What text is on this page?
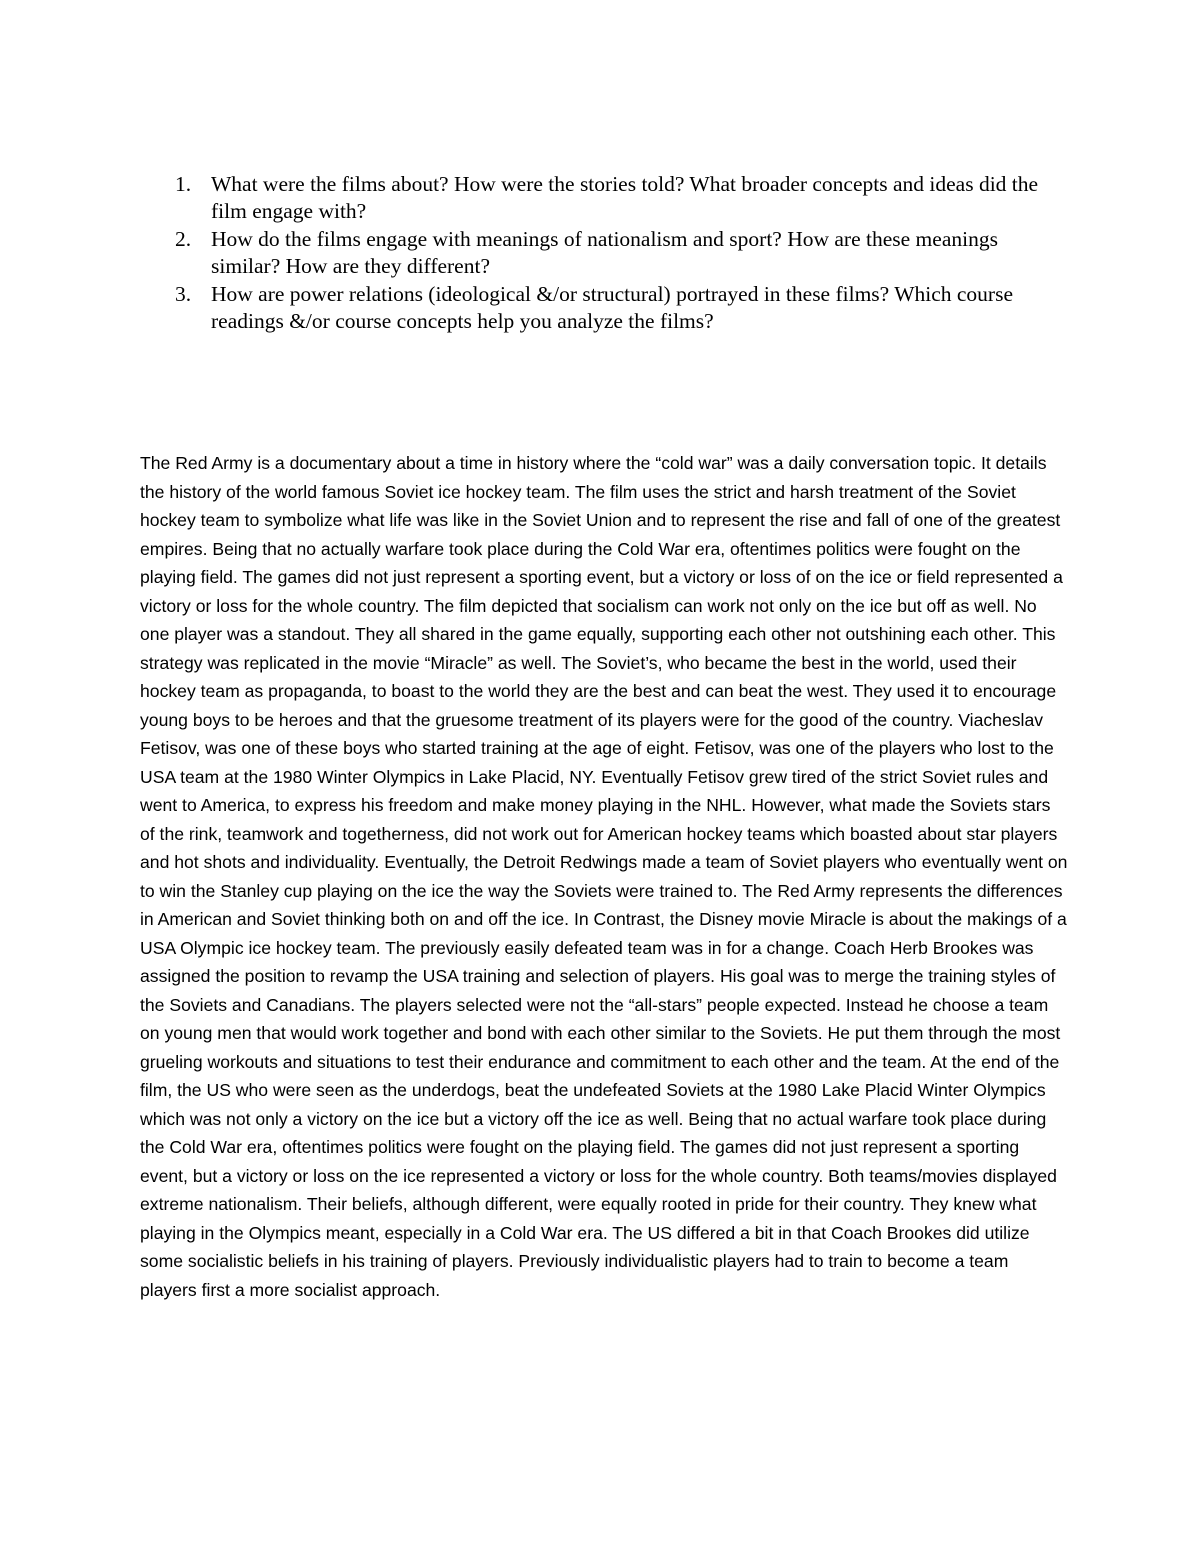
1. What were the films about? How were the stories told? What broader concepts and ideas did the film engage with?
2. How do the films engage with meanings of nationalism and sport? How are these meanings similar? How are they different?
3. How are power relations (ideological &/or structural) portrayed in these films? Which course readings &/or course concepts help you analyze the films?

The Red Army is a documentary about a time in history where the “cold war” was a daily conversation topic. It details the history of the world famous Soviet ice hockey team. The film uses the strict and harsh treatment of the Soviet hockey team to symbolize what life was like in the Soviet Union and to represent the rise and fall of one of the greatest empires. Being that no actually warfare took place during the Cold War era, oftentimes politics were fought on the playing field. The games did not just represent a sporting event, but a victory or loss of on the ice or field represented a victory or loss for the whole country. The film depicted that socialism can work not only on the ice but off as well. No one player was a standout. They all shared in the game equally, supporting each other not outshining each other. This strategy was replicated in the movie “Miracle” as well. The Soviet’s, who became the best in the world, used their hockey team as propaganda, to boast to the world they are the best and can beat the west. They used it to encourage young boys to be heroes and that the gruesome treatment of its players were for the good of the country. Viacheslav Fetisov, was one of these boys who started training at the age of eight. Fetisov, was one of the players who lost to the USA team at the 1980 Winter Olympics in Lake Placid, NY. Eventually Fetisov grew tired of the strict Soviet rules and went to America, to express his freedom and make money playing in the NHL. However, what made the Soviets stars of the rink, teamwork and togetherness, did not work out for American hockey teams which boasted about star players and hot shots and individuality. Eventually, the Detroit Redwings made a team of Soviet players who eventually went on to win the Stanley cup playing on the ice the way the Soviets were trained to. The Red Army represents the differences in American and Soviet thinking both on and off the ice. In Contrast, the Disney movie Miracle is about the makings of a USA Olympic ice hockey team. The previously easily defeated team was in for a change. Coach Herb Brookes was assigned the position to revamp the USA training and selection of players. His goal was to merge the training styles of the Soviets and Canadians. The players selected were not the “all-stars” people expected. Instead he choose a team on young men that would work together and bond with each other similar to the Soviets. He put them through the most grueling workouts and situations to test their endurance and commitment to each other and the team. At the end of the film, the US who were seen as the underdogs, beat the undefeated Soviets at the 1980 Lake Placid Winter Olympics which was not only a victory on the ice but a victory off the ice as well. Being that no actual warfare took place during the Cold War era, oftentimes politics were fought on the playing field. The games did not just represent a sporting event, but a victory or loss on the ice represented a victory or loss for the whole country. Both teams/movies displayed extreme nationalism. Their beliefs, although different, were equally rooted in pride for their country. They knew what playing in the Olympics meant, especially in a Cold War era. The US differed a bit in that Coach Brookes did utilize some socialistic beliefs in his training of players. Previously individualistic players had to train to become a team players first a more socialist approach.
